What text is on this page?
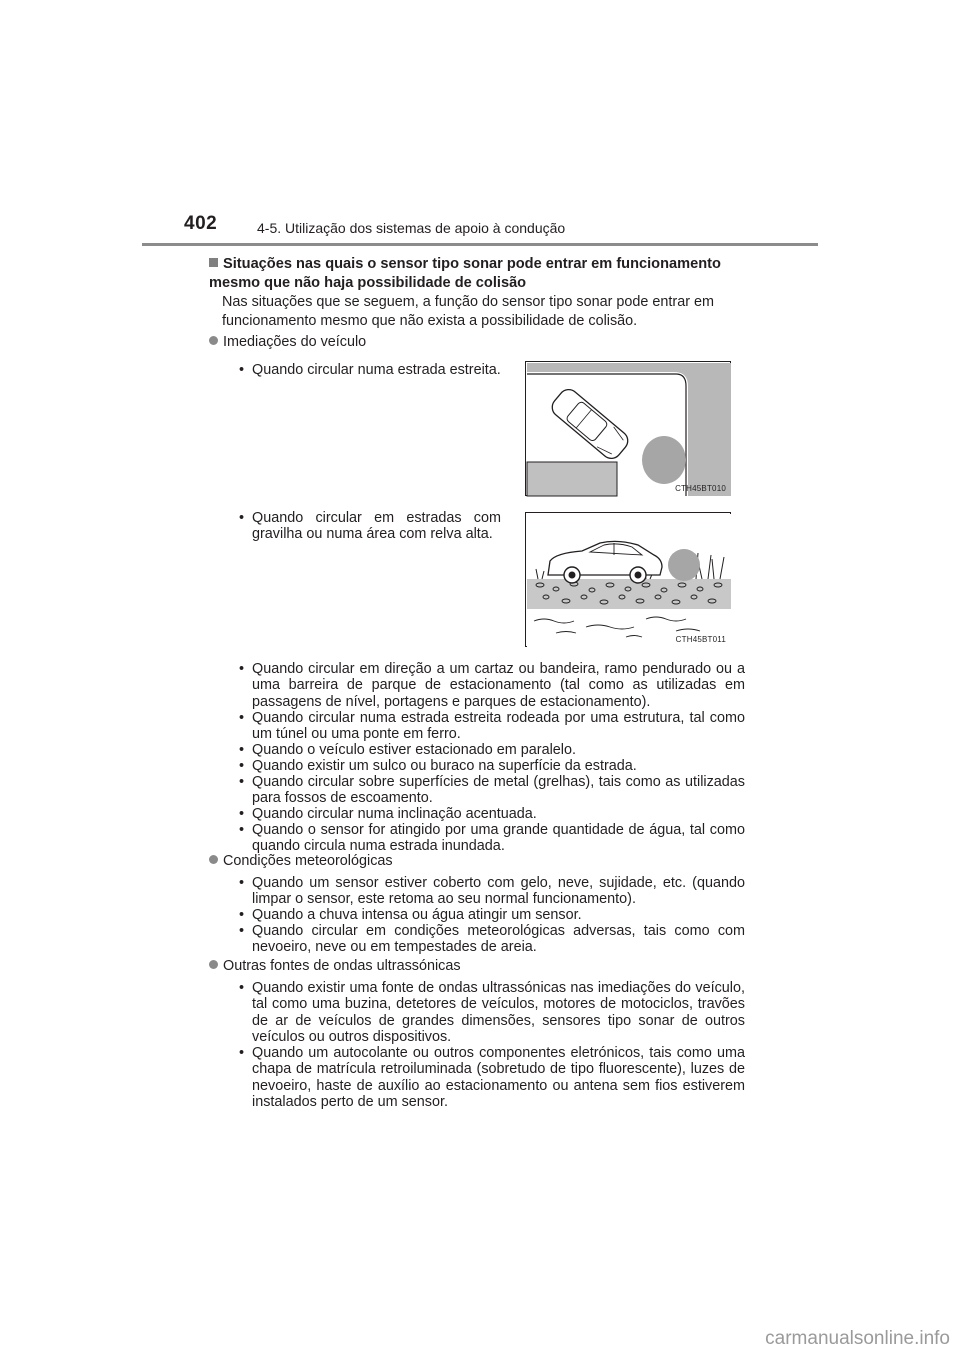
402	4-5. Utilização dos sistemas de apoio à condução
Situações nas quais o sensor tipo sonar pode entrar em funcionamento mesmo que não haja possibilidade de colisão
Nas situações que se seguem, a função do sensor tipo sonar pode entrar em funcionamento mesmo que não exista a possibilidade de colisão.
Imediações do veículo
• Quando circular numa estrada estreita.
CTH45BT010
• Quando circular em estradas com gravilha ou numa área com relva alta.
CTH45BT011
• Quando circular em direção a um cartaz ou bandeira, ramo pendurado ou a uma barreira de parque de estacionamento (tal como as utilizadas em passagens de nível, portagens e parques de estacionamento).
• Quando circular numa estrada estreita rodeada por uma estrutura, tal como um túnel ou uma ponte em ferro.
• Quando o veículo estiver estacionado em paralelo.
• Quando existir um sulco ou buraco na superfície da estrada.
• Quando circular sobre superfícies de metal (grelhas), tais como as utilizadas para fossos de escoamento.
• Quando circular numa inclinação acentuada.
• Quando o sensor for atingido por uma grande quantidade de água, tal como quando circula numa estrada inundada.
Condições meteorológicas
• Quando um sensor estiver coberto com gelo, neve, sujidade, etc. (quando limpar o sensor, este retoma ao seu normal funcionamento).
• Quando a chuva intensa ou água atingir um sensor.
• Quando circular em condições meteorológicas adversas, tais como com nevoeiro, neve ou em tempestades de areia.
Outras fontes de ondas ultrassónicas
• Quando existir uma fonte de ondas ultrassónicas nas imediações do veículo, tal como uma buzina, detetores de veículos, motores de motociclos, travões de ar de veículos de grandes dimensões, sensores tipo sonar de outros veículos ou outros dispositivos.
• Quando um autocolante ou outros componentes eletrónicos, tais como uma chapa de matrícula retroiluminada (sobretudo de tipo fluorescente), luzes de nevoeiro, haste de auxílio ao estacionamento ou antena sem fios estiverem instalados perto de um sensor.
carmanualsonline.info
